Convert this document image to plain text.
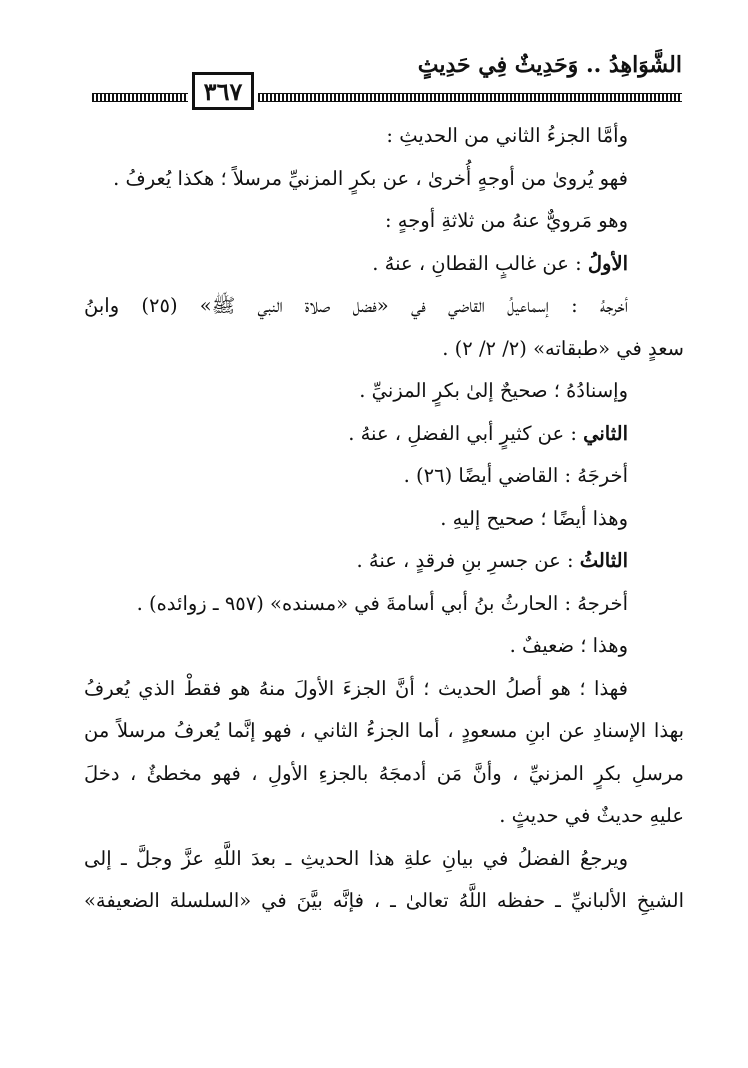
الشَّوَاهِدُ .. وَحَدِيثٌ فِي حَدِيثٍ
٣٦٧
وأمَّا الجزءُ الثاني من الحديثِ :
فهو يُروىٰ من أوجهٍ أُخرىٰ ، عن بكرٍ المزنيِّ مرسلاً ؛ هكذا يُعرفُ .
وهو مَرويٌّ عنهُ من ثلاثةِ أوجهٍ :
الأولُ : عن غالبٍ القطانِ ، عنهُ .
أخرجهُ : إسماعيلُ القاضي في «فضل صلاة النبي ﷺ» (٢٥) وابنُ
سعدٍ في «طبقاته» (٢/ ٢/ ٢) .
وإسنادُهُ ؛ صحيحٌ إلىٰ بكرٍ المزنيِّ .
الثاني : عن كثيرٍ أبي الفضلِ ، عنهُ .
أخرجَهُ : القاضي أيضًا (٢٦) .
وهذا أيضًا ؛ صحيح إليهِ .
الثالثُ : عن جسرِ بنِ فرقدٍ ، عنهُ .
أخرجهُ : الحارثُ بنُ أبي أسامةَ في «مسنده» (٩٥٧ ـ زوائده) .
وهذا ؛ ضعيفٌ .
فهذا ؛ هو أصلُ الحديث ؛ أنَّ الجزءَ الأولَ منهُ هو فقطْ الذي يُعرفُ
بهذا الإسنادِ عن ابنِ مسعودٍ ، أما الجزءُ الثاني ، فهو إنَّما يُعرفُ مرسلاً من
مرسلِ بكرٍ المزنيِّ ، وأنَّ مَن أدمجَهُ بالجزءِ الأولِ ، فهو مخطئٌ ، دخلَ
عليهِ حديثٌ في حديثٍ .
ويرجعُ الفضلُ في بيانِ علةِ هذا الحديثِ ـ بعدَ اللَّهِ عزَّ وجلَّ ـ إلى
الشيخِ الألبانيِّ ـ حفظه اللَّهُ تعالىٰ ـ ، فإنَّه بيَّنَ في «السلسلة الضعيفة»
